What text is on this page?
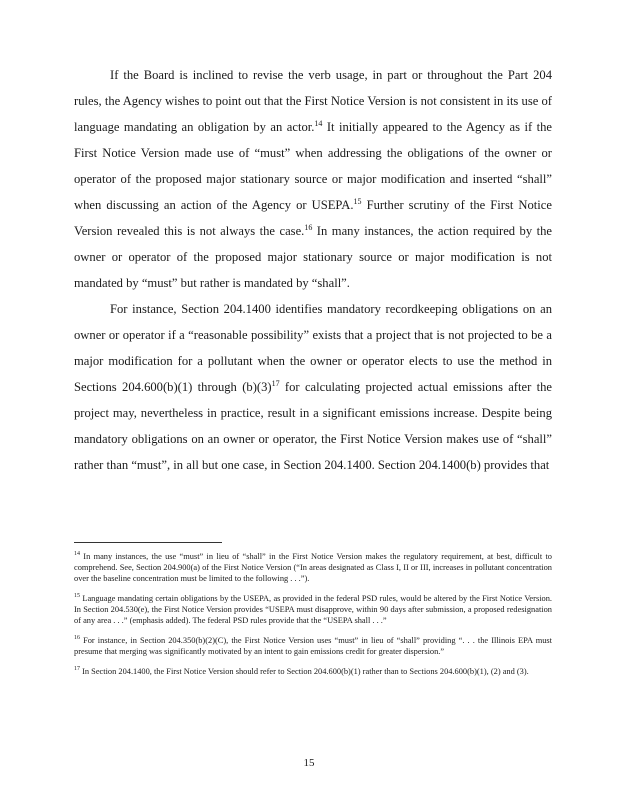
If the Board is inclined to revise the verb usage, in part or throughout the Part 204 rules, the Agency wishes to point out that the First Notice Version is not consistent in its use of language mandating an obligation by an actor.$^{14}$ It initially appeared to the Agency as if the First Notice Version made use of “must” when addressing the obligations of the owner or operator of the proposed major stationary source or major modification and inserted “shall” when discussing an action of the Agency or USEPA.$^{15}$ Further scrutiny of the First Notice Version revealed this is not always the case.$^{16}$ In many instances, the action required by the owner or operator of the proposed major stationary source or major modification is not mandated by “must” but rather is mandated by “shall”.

For instance, Section 204.1400 identifies mandatory recordkeeping obligations on an owner or operator if a “reasonable possibility” exists that a project that is not projected to be a major modification for a pollutant when the owner or operator elects to use the method in Sections 204.600(b)(1) through $(b)(3)^{17}$ for calculating projected actual emissions after the project may, nevertheless in practice, result in a significant emissions increase. Despite being mandatory obligations on an owner or operator, the First Notice Version makes use of “shall” rather than “must”, in all but one case, in Section 204.1400. Section 204.1400(b) provides that

$^{14}$ In many instances, the use “must” in lieu of “shall” in the First Notice Version makes the regulatory requirement, at best, difficult to comprehend. See, Section 204.900(a) of the First Notice Version (“In areas designated as Class I, II or III, increases in pollutant concentration over the baseline concentration must be limited to the following . . .”).

$^{15}$ Language mandating certain obligations by the USEPA, as provided in the federal PSD rules, would be altered by the First Notice Version. In Section 204.530(e), the First Notice Version provides “USEPA must disapprove, within 90 days after submission, a proposed redesignation of any area . . .” (emphasis added). The federal PSD rules provide that the “USEPA shall . . .”

$^{16}$ For instance, in Section 204.350(b)(2)(C), the First Notice Version uses “must” in lieu of “shall” providing “. . . the Illinois EPA must presume that merging was significantly motivated by an intent to gain emissions credit for greater dispersion.”

$^{17}$ In Section 204.1400, the First Notice Version should refer to Section 204.600(b)(1) rather than to Sections 204.600(b)(1), (2) and (3).

15
